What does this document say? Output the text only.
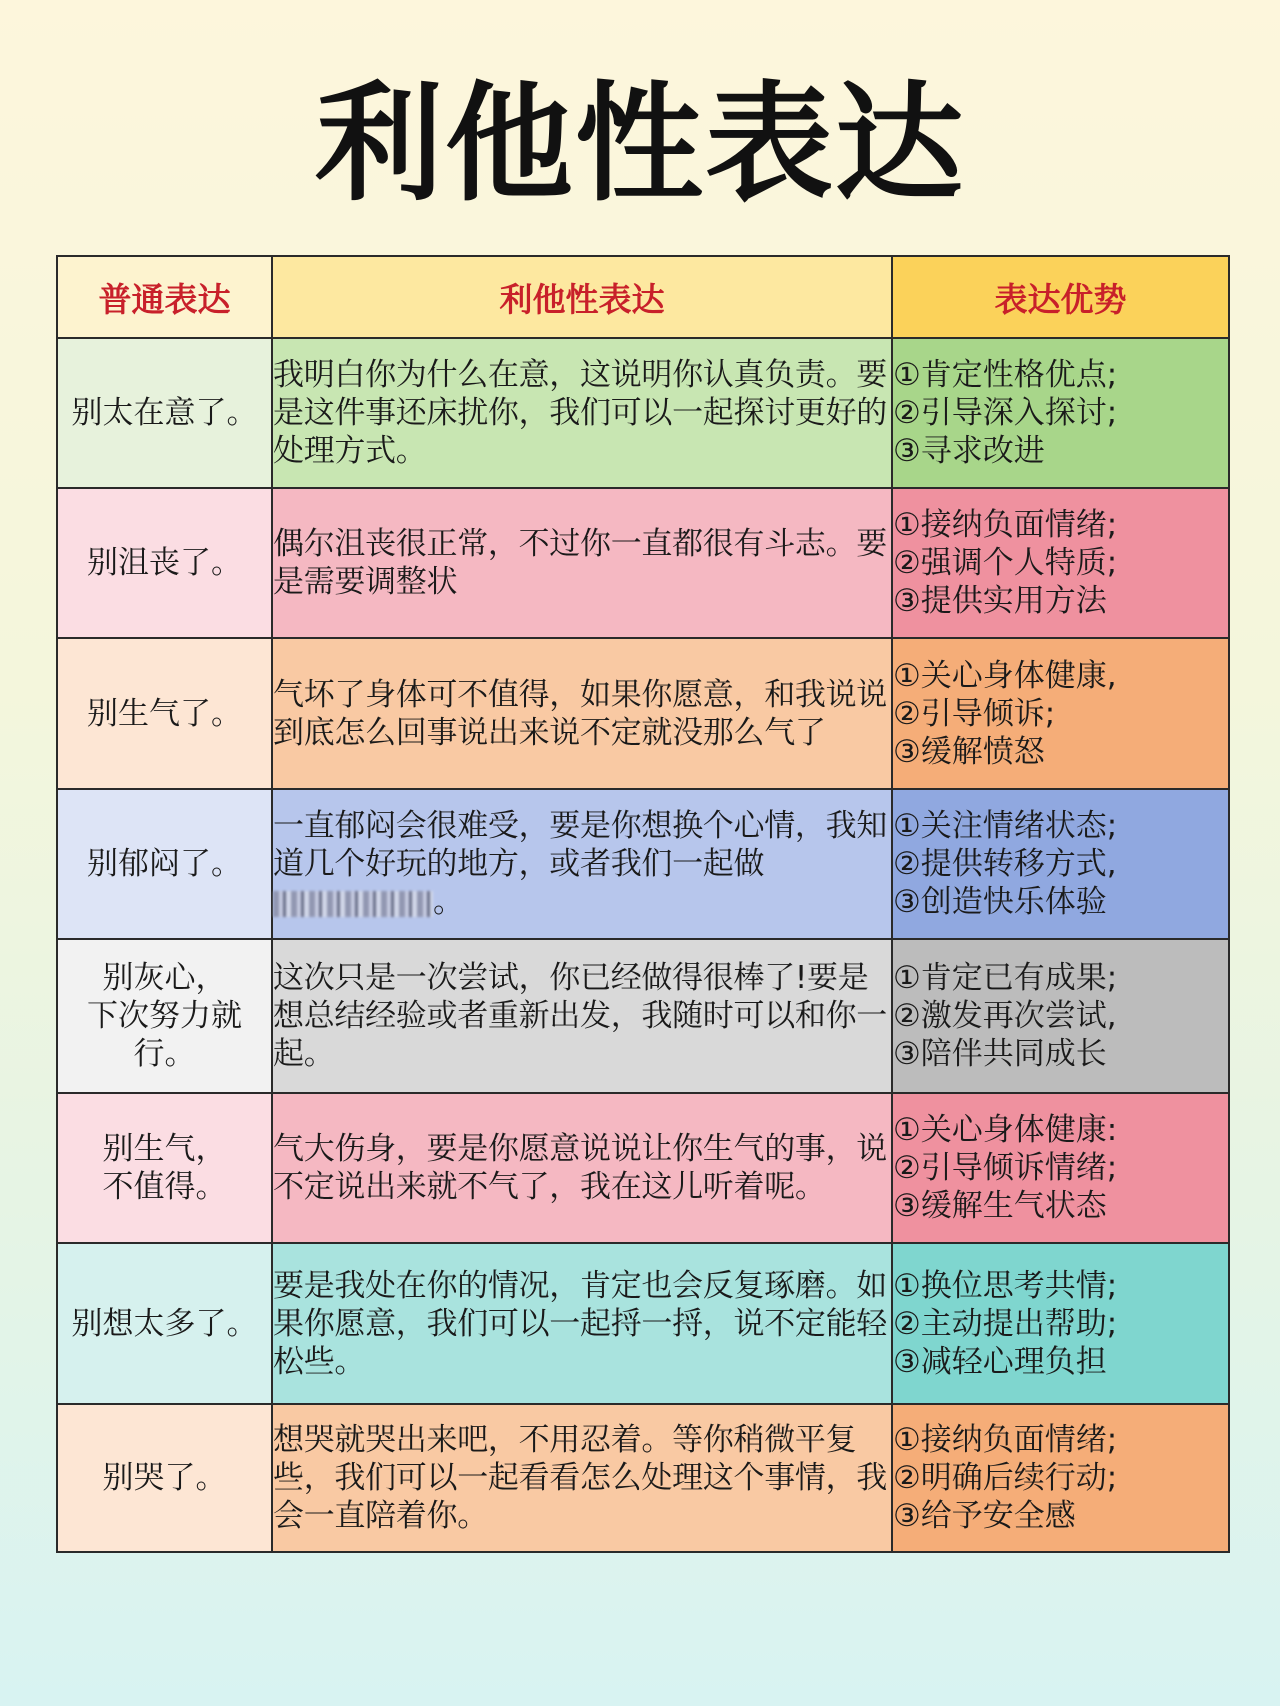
利他性表达
普通表达	利他性表达	表达优势
别太在意了。	我明白你为什么在意，这说明你认真负责。要是这件事还床扰你，我们可以一起探讨更好的处理方式。	①肯定性格优点;
②引导深入探讨;
③寻求改进

别沮丧了。	偶尔沮丧很正常，不过你一直都很有斗志。要是需要调整状	①接纳负面情绪;
②强调个人特质;
③提供实用方法

别生气了。	气坏了身体可不值得，如果你愿意，和我说说到底怎么回事说出来说不定就没那么气了	①关心身体健康,
②引导倾诉;
③缓解愤怒

别郁闷了。	一直郁闷会很难受，要是你想换个心情，我知道几个好玩的地方，或者我们一起做。	①关注情绪状态;
②提供转移方式,
③创造快乐体验

别灰心，
下次努力就行。	这次只是一次尝试，你已经做得很棒了!要是想总结经验或者重新出发，我随时可以和你一起。	①肯定已有成果;
②激发再次尝试,
③陪伴共同成长

别生气，
不值得。	气大伤身，要是你愿意说说让你生气的事，说不定说出来就不气了，我在这儿听着呢。	①关心身体健康:
②引导倾诉情绪;
③缓解生气状态

别想太多了。	要是我处在你的情况，肯定也会反复琢磨。如果你愿意，我们可以一起捋一捋，说不定能轻松些。	①换位思考共情;
②主动提出帮助;
③减轻心理负担

别哭了。	想哭就哭出来吧，不用忍着。等你稍微平复些，我们可以一起看看怎么处理这个事情，我会一直陪着你。	①接纳负面情绪;
②明确后续行动;
③给予安全感
